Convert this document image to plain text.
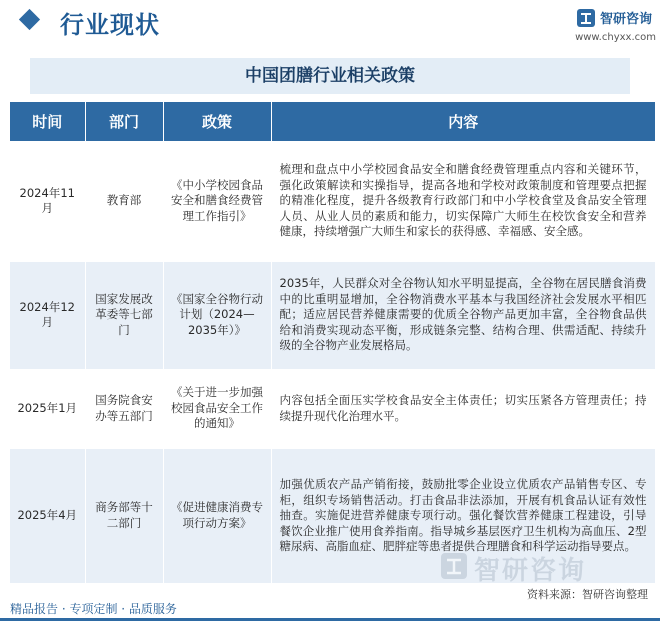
行业现状	智研咨询
www.chyxx.com
中国团膳行业相关政策
时间	部门	政策	内容
2024年11月	教育部	《中小学校园食品安全和膳食经费管理工作指引》	梳理和盘点中小学校园食品安全和膳食经费管理重点内容和关键环节，强化政策解读和实操指导，提高各地和学校对政策制度和管理要点把握的精准化程度，提升各级教育行政部门和中小学校食堂及食品安全管理人员、从业人员的素质和能力，切实保障广大师生在校饮食安全和营养健康，持续增强广大师生和家长的获得感、幸福感、安全感。
2024年12月	国家发展改革委等七部门	《国家全谷物行动计划（2024—2035年）》	2035年，人民群众对全谷物认知水平明显提高，全谷物在居民膳食消费中的比重明显增加，全谷物消费水平基本与我国经济社会发展水平相匹配；适应居民营养健康需要的优质全谷物产品更加丰富，全谷物食品供给和消费实现动态平衡，形成链条完整、结构合理、供需适配、持续升级的全谷物产业发展格局。
2025年1月	国务院食安办等五部门	《关于进一步加强校园食品安全工作的通知》	内容包括全面压实学校食品安全主体责任；切实压紧各方管理责任；持续提升现代化治理水平。
2025年4月	商务部等十二部门	《促进健康消费专项行动方案》	加强优质农产品产销衔接，鼓励批零企业设立优质农产品销售专区、专柜，组织专场销售活动。打击食品非法添加，开展有机食品认证有效性抽查。实施促进营养健康专项行动。强化餐饮营养健康工程建设，引导餐饮企业推广使用食养指南。指导城乡基层医疗卫生机构为高血压、2型糖尿病、高脂血症、肥胖症等患者提供合理膳食和科学运动指导要点。
智研咨询
资料来源：智研咨询整理
精品报告 · 专项定制 · 品质服务
